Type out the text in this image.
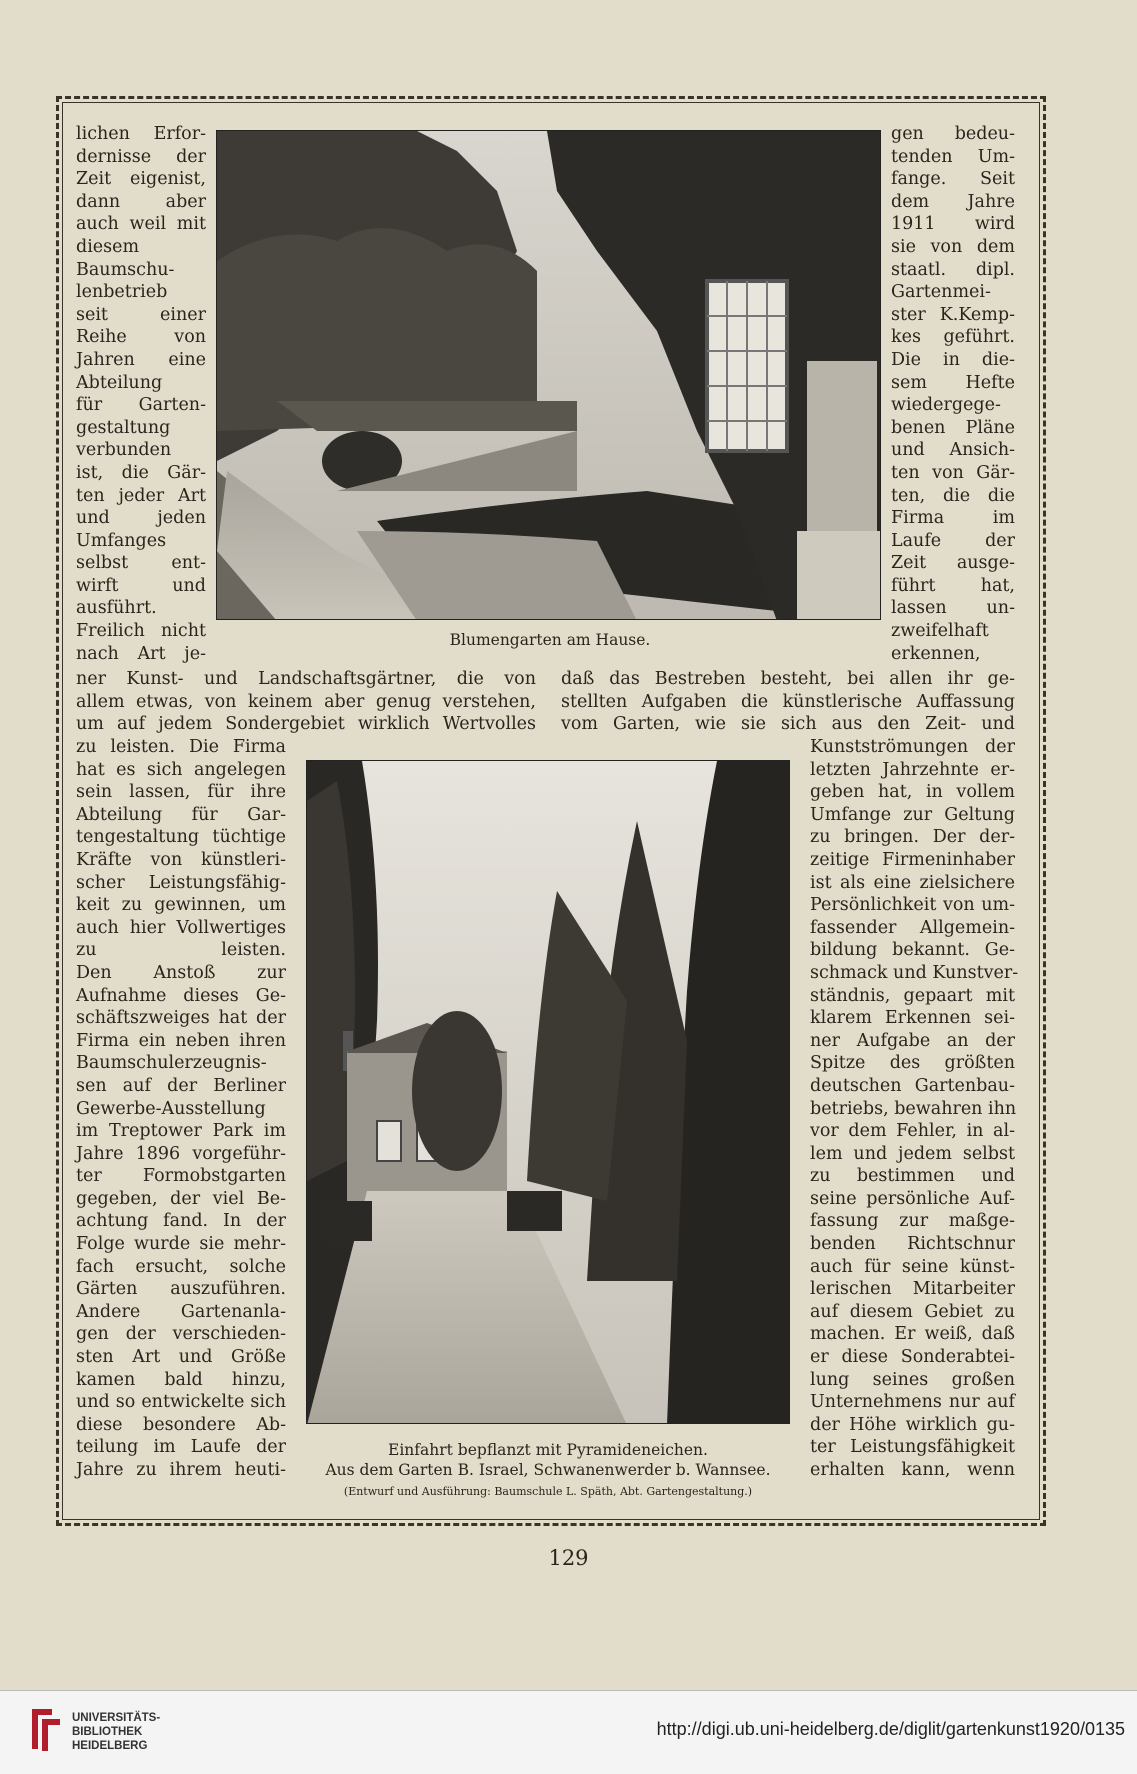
lichen Erfor-
dernisse der
Zeit eigenist,
dann aber
auch weil mit
diesem
Baumschu-
lenbetrieb
seit einer
Reihe von
Jahren eine
Abteilung
für Garten-
gestaltung
verbunden
ist, die Gär-
ten jeder Art
und jeden
Umfanges
selbst ent-
wirft und
ausführt.
Freilich nicht
nach Art je-
gen bedeu-
tenden Um-
fange. Seit
dem Jahre
1911 wird
sie von dem
staatl. dipl.
Gartenmei-
ster K.Kemp-
kes geführt.
Die in die-
sem Hefte
wiedergege-
benen Pläne
und Ansich-
ten von Gär-
ten, die die
Firma im
Laufe der
Zeit ausge-
führt hat,
lassen un-
zweifelhaft
erkennen,
Blumengarten am Hause.
ner Kunst- und Landschaftsgärtner, die von
allem etwas, von keinem aber genug verstehen,
um auf jedem Sondergebiet wirklich Wertvolles
daß das Bestreben besteht, bei allen ihr ge-
stellten Aufgaben die künstlerische Auffassung
vom Garten, wie sie sich aus den Zeit- und
zu leisten. Die Firma
hat es sich angelegen
sein lassen, für ihre
Abteilung für Gar-
tengestaltung tüchtige
Kräfte von künstleri-
scher Leistungsfähig-
keit zu gewinnen, um
auch hier Vollwertiges
zu leisten.
Den Anstoß zur
Aufnahme dieses Ge-
schäftszweiges hat der
Firma ein neben ihren
Baumschulerzeugnis-
sen auf der Berliner
Gewerbe-Ausstellung
im Treptower Park im
Jahre 1896 vorgeführ-
ter Formobstgarten
gegeben, der viel Be-
achtung fand. In der
Folge wurde sie mehr-
fach ersucht, solche
Gärten auszuführen.
Andere Gartenanla-
gen der verschieden-
sten Art und Größe
kamen bald hinzu,
und so entwickelte sich
diese besondere Ab-
teilung im Laufe der
Jahre zu ihrem heuti-
Kunstströmungen der
letzten Jahrzehnte er-
geben hat, in vollem
Umfange zur Geltung
zu bringen. Der der-
zeitige Firmeninhaber
ist als eine zielsichere
Persönlichkeit von um-
fassender Allgemein-
bildung bekannt. Ge-
schmack und Kunstver-
ständnis, gepaart mit
klarem Erkennen sei-
ner Aufgabe an der
Spitze des größten
deutschen Gartenbau-
betriebs, bewahren ihn
vor dem Fehler, in al-
lem und jedem selbst
zu bestimmen und
seine persönliche Auf-
fassung zur maßge-
benden Richtschnur
auch für seine künst-
lerischen Mitarbeiter
auf diesem Gebiet zu
machen. Er weiß, daß
er diese Sonderabtei-
lung seines großen
Unternehmens nur auf
der Höhe wirklich gu-
ter Leistungsfähigkeit
erhalten kann, wenn
Einfahrt bepflanzt mit Pyramideneichen.
Aus dem Garten B. Israel, Schwanenwerder b. Wannsee.
(Entwurf und Ausführung: Baumschule L. Späth, Abt. Gartengestaltung.)
129
UNIVERSITÄTS-
BIBLIOTHEK
HEIDELBERG
http://digi.ub.uni-heidelberg.de/diglit/gartenkunst1920/0135
